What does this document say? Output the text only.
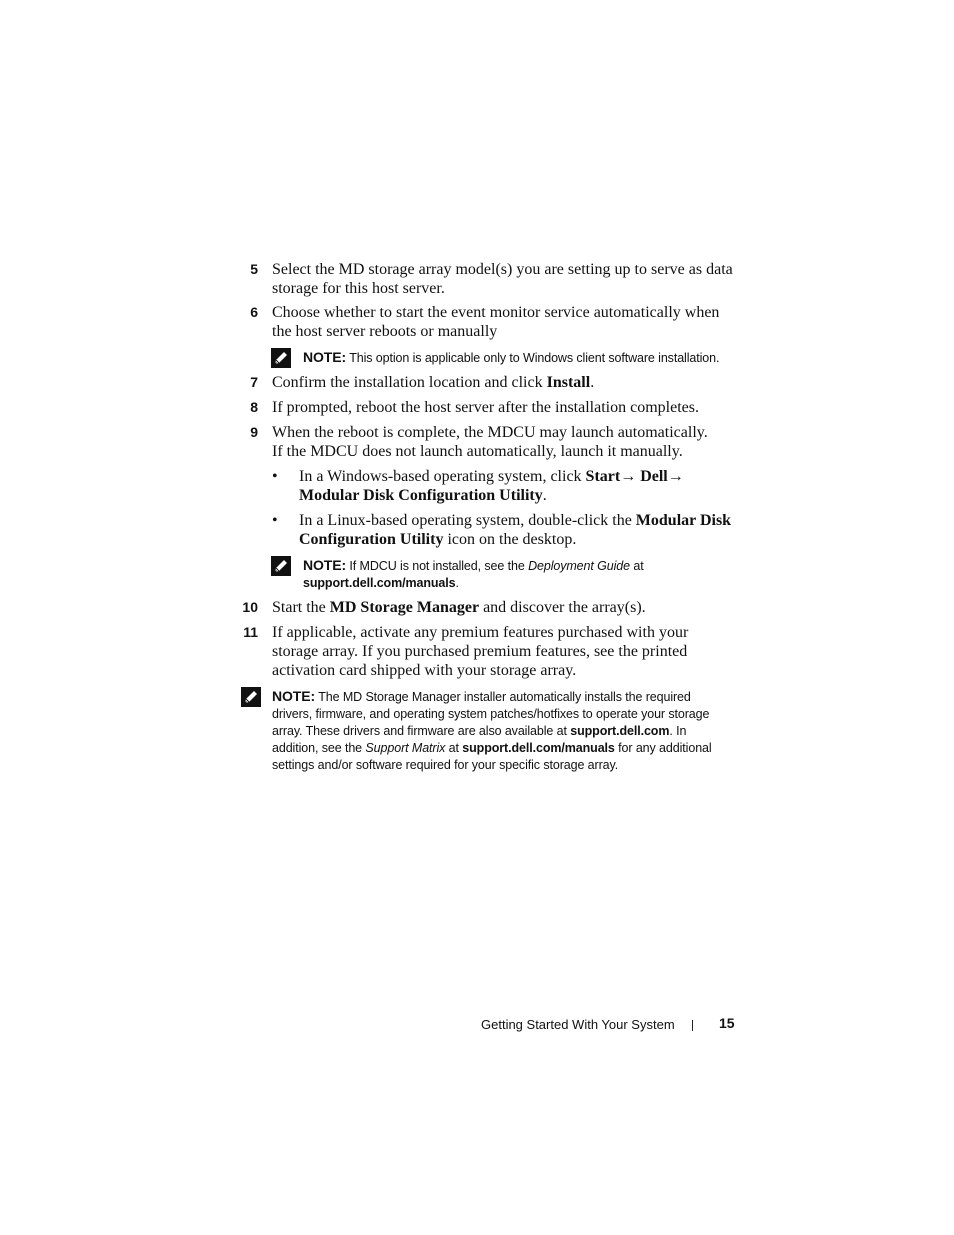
5 Select the MD storage array model(s) you are setting up to serve as data storage for this host server.
6 Choose whether to start the event monitor service automatically when the host server reboots or manually
NOTE: This option is applicable only to Windows client software installation.
7 Confirm the installation location and click Install.
8 If prompted, reboot the host server after the installation completes.
9 When the reboot is complete, the MDCU may launch automatically.
If the MDCU does not launch automatically, launch it manually.
• In a Windows-based operating system, click Start→ Dell→ Modular Disk Configuration Utility.
• In a Linux-based operating system, double-click the Modular Disk Configuration Utility icon on the desktop.
NOTE: If MDCU is not installed, see the Deployment Guide at support.dell.com/manuals.
10 Start the MD Storage Manager and discover the array(s).
11 If applicable, activate any premium features purchased with your storage array. If you purchased premium features, see the printed activation card shipped with your storage array.
NOTE: The MD Storage Manager installer automatically installs the required drivers, firmware, and operating system patches/hotfixes to operate your storage array. These drivers and firmware are also available at support.dell.com. In addition, see the Support Matrix at support.dell.com/manuals for any additional settings and/or software required for your specific storage array.
Getting Started With Your System	15
